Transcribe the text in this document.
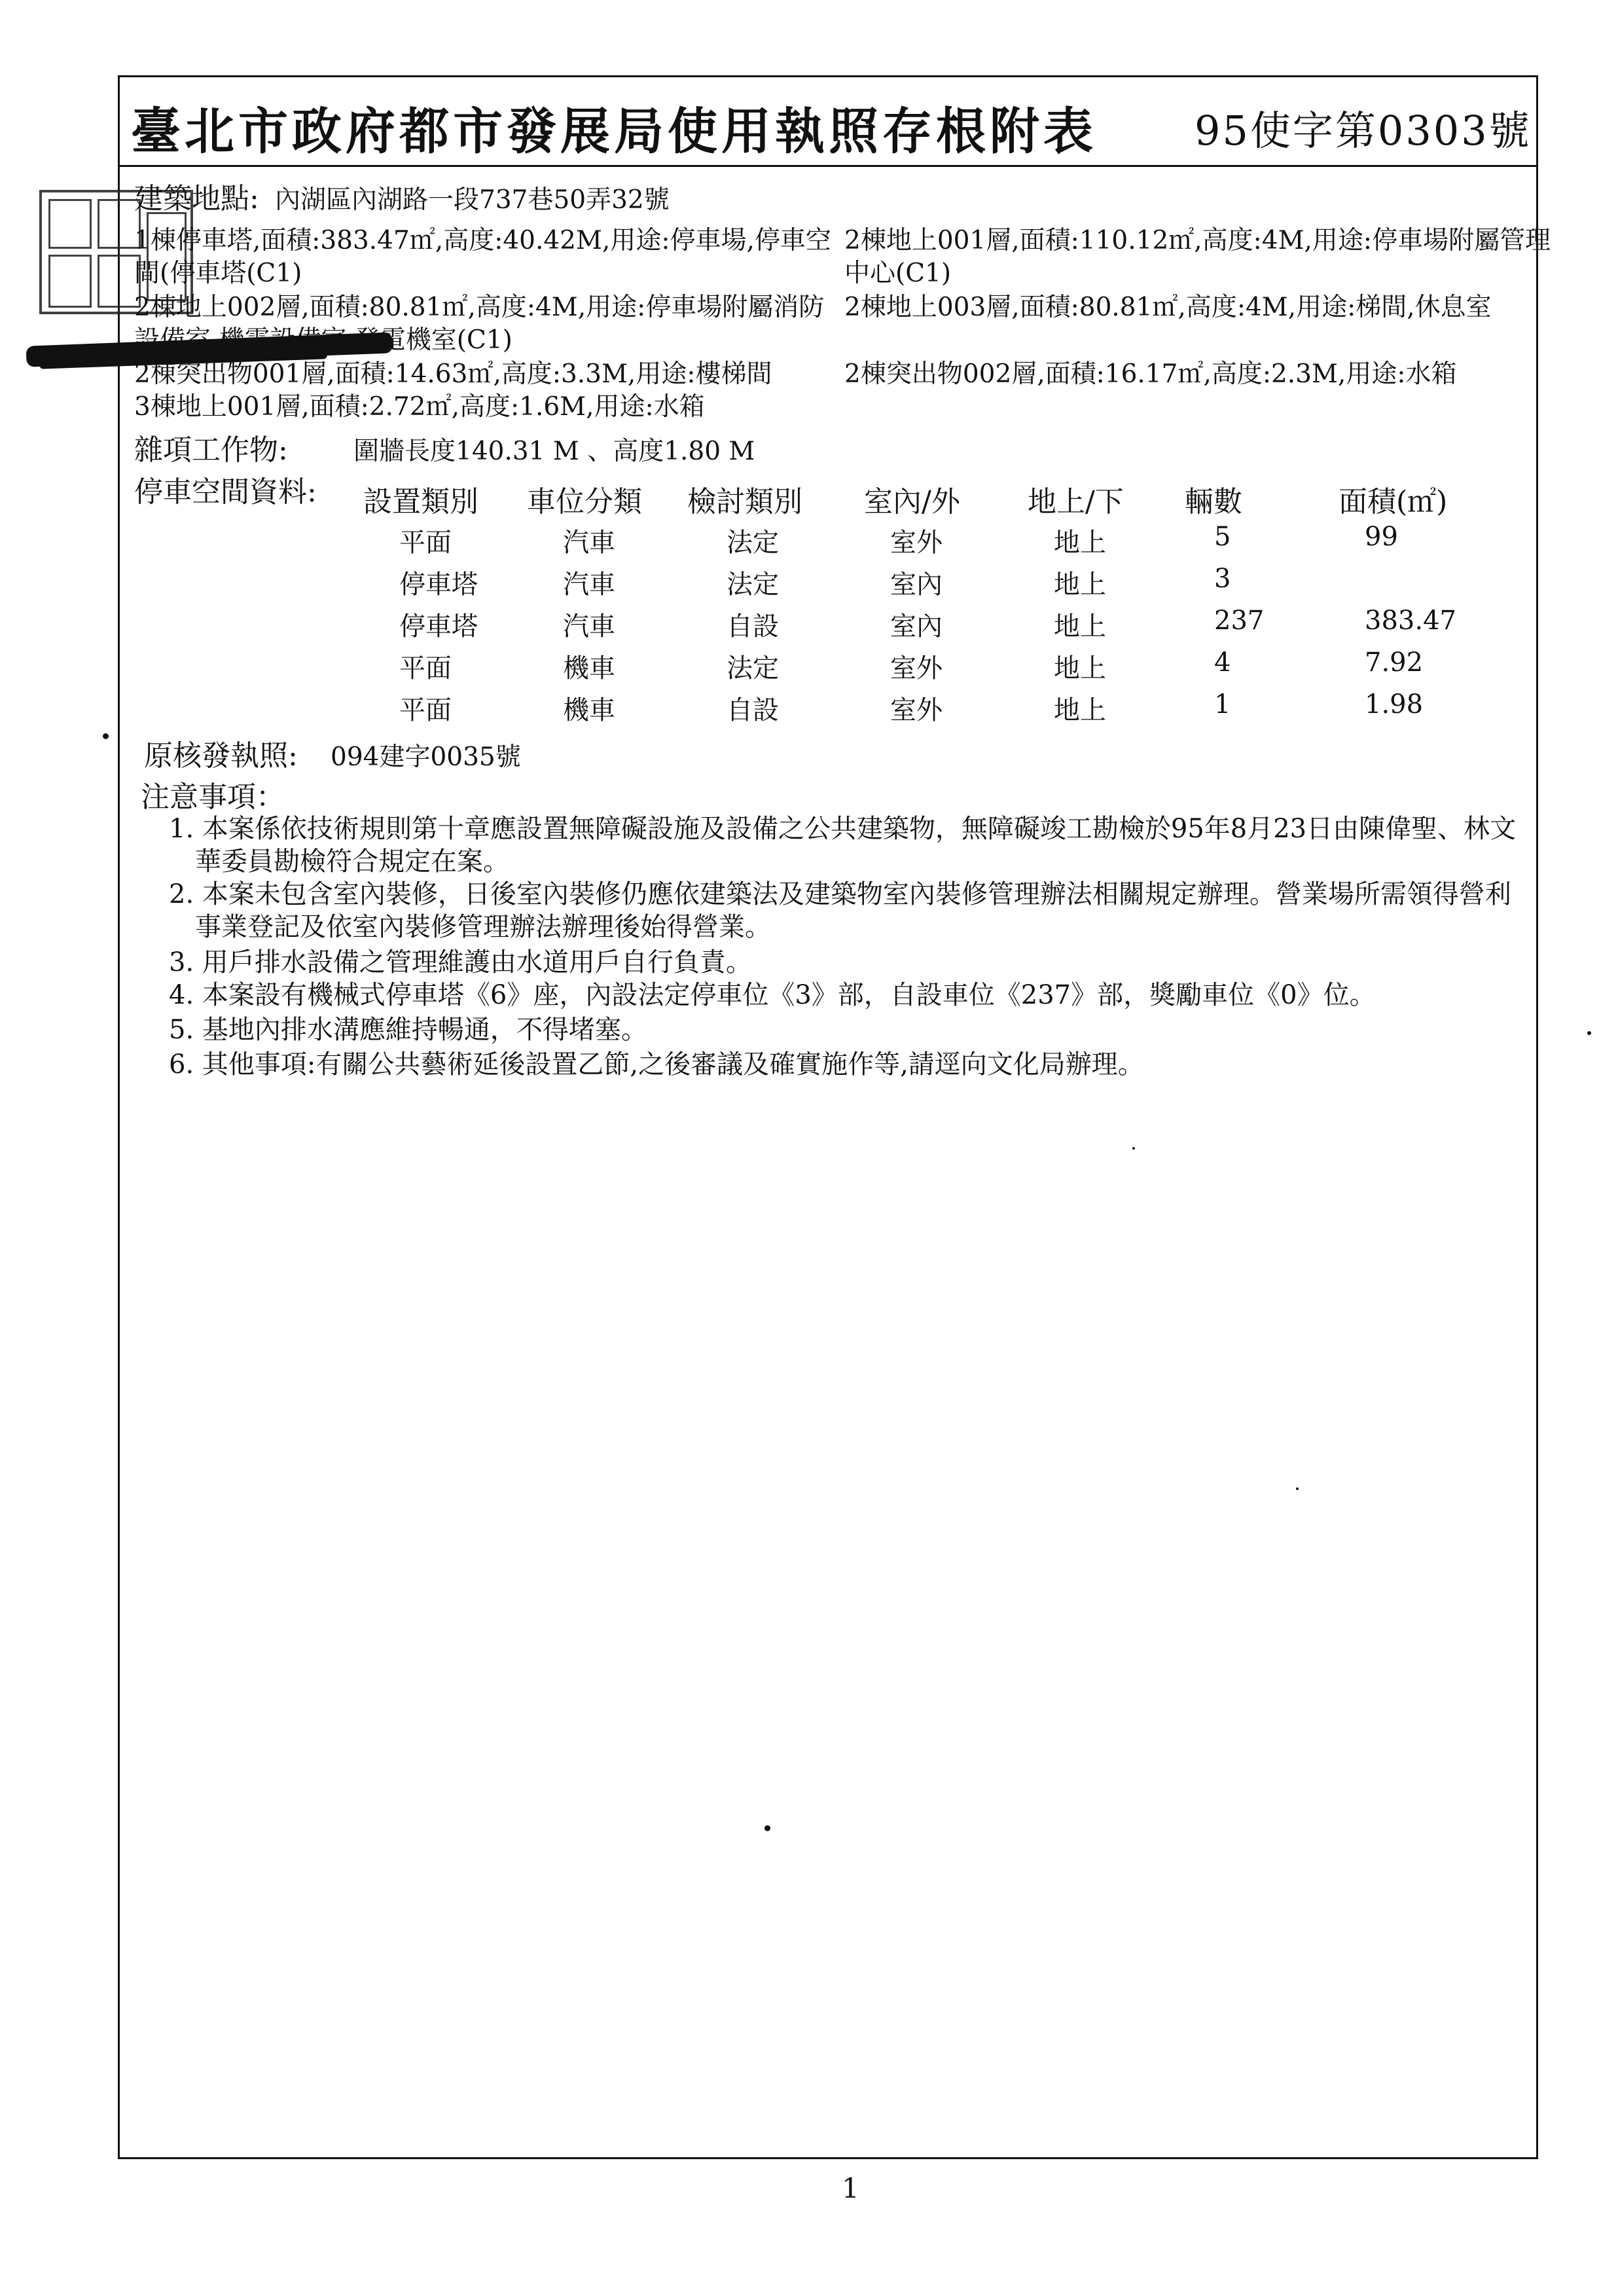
臺北市政府都市發展局使用執照存根附表 95使字第0303號
建築地點: 內湖區內湖路一段737巷50弄32號
1棟停車塔,面積:383.47㎡,高度:40.42M,用途:停車場,停車空
間(停車塔(C1)
2棟地上002層,面積:80.81㎡,高度:4M,用途:停車場附屬消防
設備室,機電設備室,發電機室(C1)
2棟突出物001層,面積:14.63㎡,高度:3.3M,用途:樓梯間
3棟地上001層,面積:2.72㎡,高度:1.6M,用途:水箱
2棟地上001層,面積:110.12㎡,高度:4M,用途:停車場附屬管理
中心(C1)
2棟地上003層,面積:80.81㎡,高度:4M,用途:梯間,休息室
2棟突出物002層,面積:16.17㎡,高度:2.3M,用途:水箱
雜項工作物:	圍牆長度140.31 M 、高度1.80 M
停車空間資料: 設置類別 車位分類 檢討類別 室內/外 地上/下 輛數	面積(㎡)
平面	汽車	法定	室外	地上	5	99
停車塔	汽車	法定	室內	地上	3
停車塔	汽車	自設	室內	地上	237	383.47
平面	機車	法定	室外	地上	4	7.92
平面	機車	自設	室外	地上	1	1.98
原核發執照: 094建字0035號
注意事項：
1. 本案係依技術規則第十章應設置無障礙設施及設備之公共建築物，無障礙竣工勘檢於95年8月23日由陳偉聖、林文
華委員勘檢符合規定在案。
2. 本案未包含室內裝修，日後室內裝修仍應依建築法及建築物室內裝修管理辦法相關規定辦理。營業場所需領得營利
事業登記及依室內裝修管理辦法辦理後始得營業。
3. 用戶排水設備之管理維護由水道用戶自行負責。
4. 本案設有機械式停車塔《6》座，內設法定停車位《3》部，自設車位《237》部，獎勵車位《0》位。
5. 基地內排水溝應維持暢通，不得堵塞。
6. 其他事項:有關公共藝術延後設置乙節,之後審議及確實施作等,請逕向文化局辦理。
1
